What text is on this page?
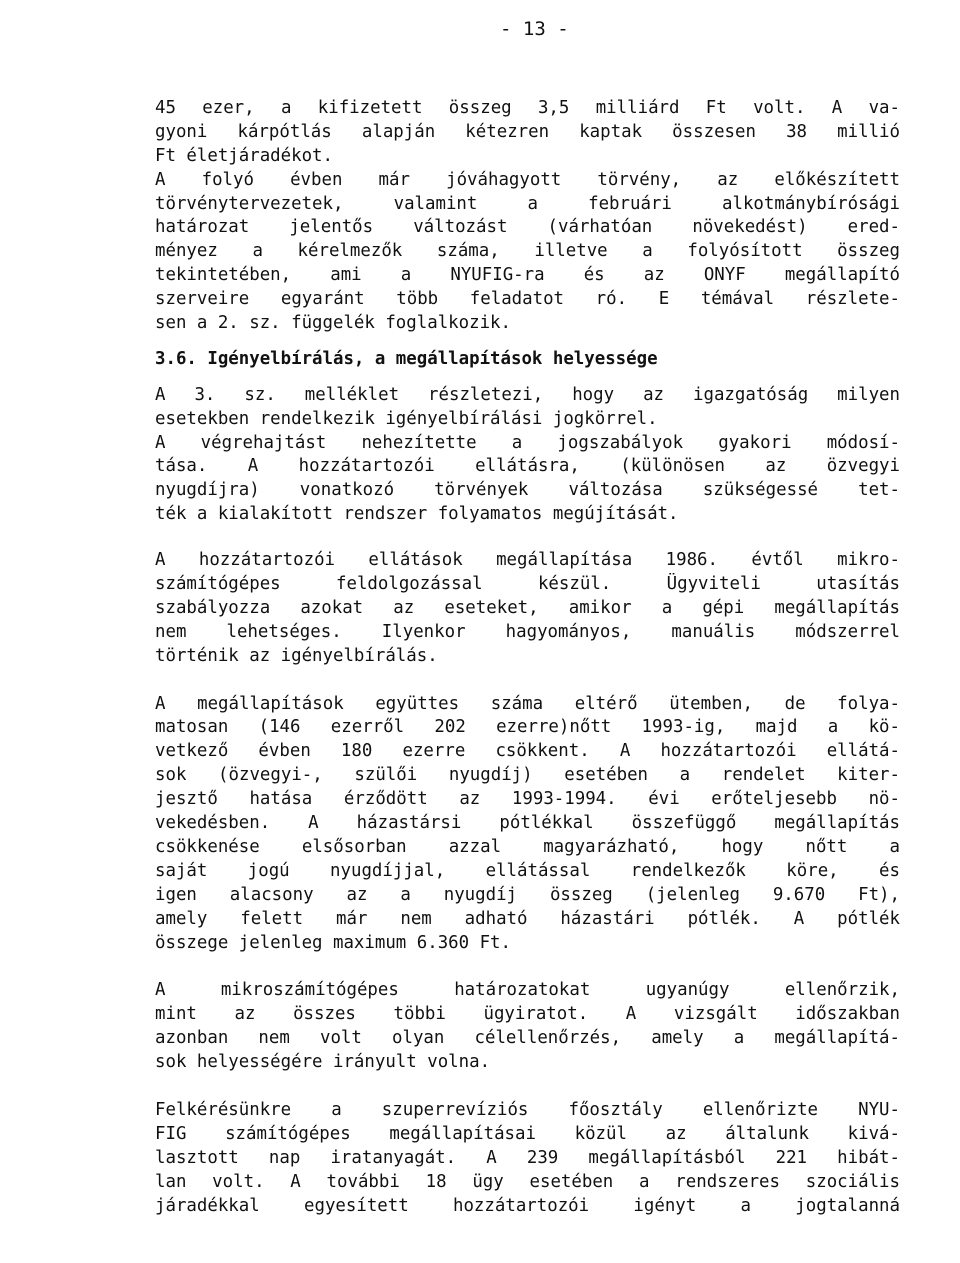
- 13 -
45 ezer, a kifizetett összeg 3,5 milliárd Ft volt. A va-
gyoni kárpótlás alapján kétezren kaptak összesen 38 millió
Ft életjáradékot.
A folyó évben már jóváhagyott törvény, az előkészített
törvénytervezetek, valamint a februári alkotmánybírósági
határozat jelentős változást (várhatóan növekedést) ered-
ményez a kérelmezők száma, illetve a folyósított összeg
tekintetében, ami a NYUFIG-ra és az ONYF megállapító
szerveire egyaránt több feladatot ró. E témával részlete-
sen a 2. sz. függelék foglalkozik.
3.6. Igényelbírálás, a megállapítások helyessége
A 3. sz. melléklet részletezi, hogy az igazgatóság milyen
esetekben rendelkezik igényelbírálási jogkörrel.
A végrehajtást nehezítette a jogszabályok gyakori módosí-
tása. A hozzátartozói ellátásra, (különösen az özvegyi
nyugdíjra) vonatkozó törvények változása szükségessé tet-
ték a kialakított rendszer folyamatos megújítását.
A hozzátartozói ellátások megállapítása 1986. évtől mikro-
számítógépes feldolgozással készül. Ügyviteli utasítás
szabályozza azokat az eseteket, amikor a gépi megállapítás
nem lehetséges. Ilyenkor hagyományos, manuális módszerrel
történik az igényelbírálás.
A megállapítások együttes száma eltérő ütemben, de folya-
matosan (146 ezerről 202 ezerre)nőtt 1993-ig, majd a kö-
vetkező évben 180 ezerre csökkent. A hozzátartozói ellátá-
sok (özvegyi-, szülői nyugdíj) esetében a rendelet kiter-
jesztő hatása érződött az 1993-1994. évi erőteljesebb nö-
vekedésben. A házastársi pótlékkal összefüggő megállapítás
csökkenése elsősorban azzal magyarázható, hogy nőtt a
saját jogú nyugdíjjal, ellátással rendelkezők köre, és
igen alacsony az a nyugdíj összeg (jelenleg 9.670 Ft),
amely felett már nem adható házastári pótlék. A pótlék
összege jelenleg maximum 6.360 Ft.
A mikroszámítógépes határozatokat ugyanúgy ellenőrzik,
mint az összes többi ügyiratot. A vizsgált időszakban
azonban nem volt olyan célellenőrzés, amely a megállapítá-
sok helyességére irányult volna.
Felkérésünkre a szuperrevíziós főosztály ellenőrizte NYU-
FIG számítógépes megállapításai közül az általunk kivá-
lasztott nap iratanyagát. A 239 megállapításból 221 hibát-
lan volt. A további 18 ügy esetében a rendszeres szociális
járadékkal egyesített hozzátartozói igényt a jogtalanná
